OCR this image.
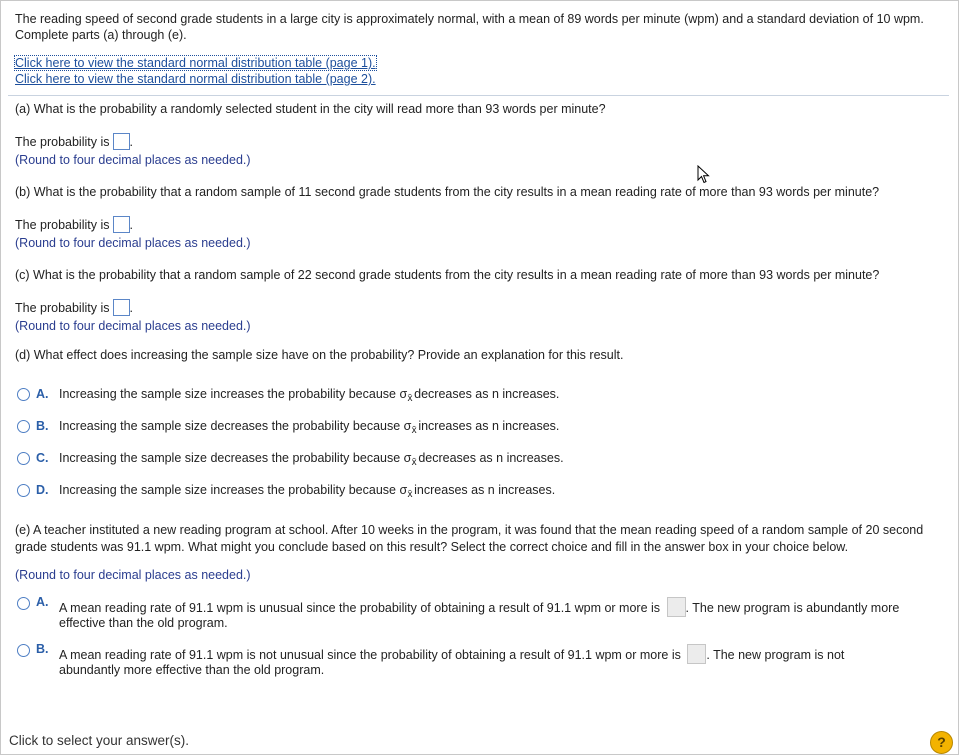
The reading speed of second grade students in a large city is approximately normal, with a mean of 89 words per minute (wpm) and a standard deviation of 10 wpm. Complete parts (a) through (e).
Click here to view the standard normal distribution table (page 1).
Click here to view the standard normal distribution table (page 2).
(a) What is the probability a randomly selected student in the city will read more than 93 words per minute?
The probability is .
(Round to four decimal places as needed.)
(b) What is the probability that a random sample of 11 second grade students from the city results in a mean reading rate of more than 93 words per minute?
The probability is .
(Round to four decimal places as needed.)
(c) What is the probability that a random sample of 22 second grade students from the city results in a mean reading rate of more than 93 words per minute?
The probability is .
(Round to four decimal places as needed.)
(d) What effect does increasing the sample size have on the probability? Provide an explanation for this result.
A. Increasing the sample size increases the probability because σ x̄ decreases as n increases.
B. Increasing the sample size decreases the probability because σ x̄ increases as n increases.
C. Increasing the sample size decreases the probability because σ x̄ decreases as n increases.
D. Increasing the sample size increases the probability because σ x̄ increases as n increases.
(e) A teacher instituted a new reading program at school. After 10 weeks in the program, it was found that the mean reading speed of a random sample of 20 second grade students was 91.1 wpm. What might you conclude based on this result? Select the correct choice and fill in the answer box in your choice below.
(Round to four decimal places as needed.)
A. A mean reading rate of 91.1 wpm is unusual since the probability of obtaining a result of 91.1 wpm or more is . The new program is abundantly more
effective than the old program.
B. A mean reading rate of 91.1 wpm is not unusual since the probability of obtaining a result of 91.1 wpm or more is . The new program is not
abundantly more effective than the old program.
Click to select your answer(s).	?
